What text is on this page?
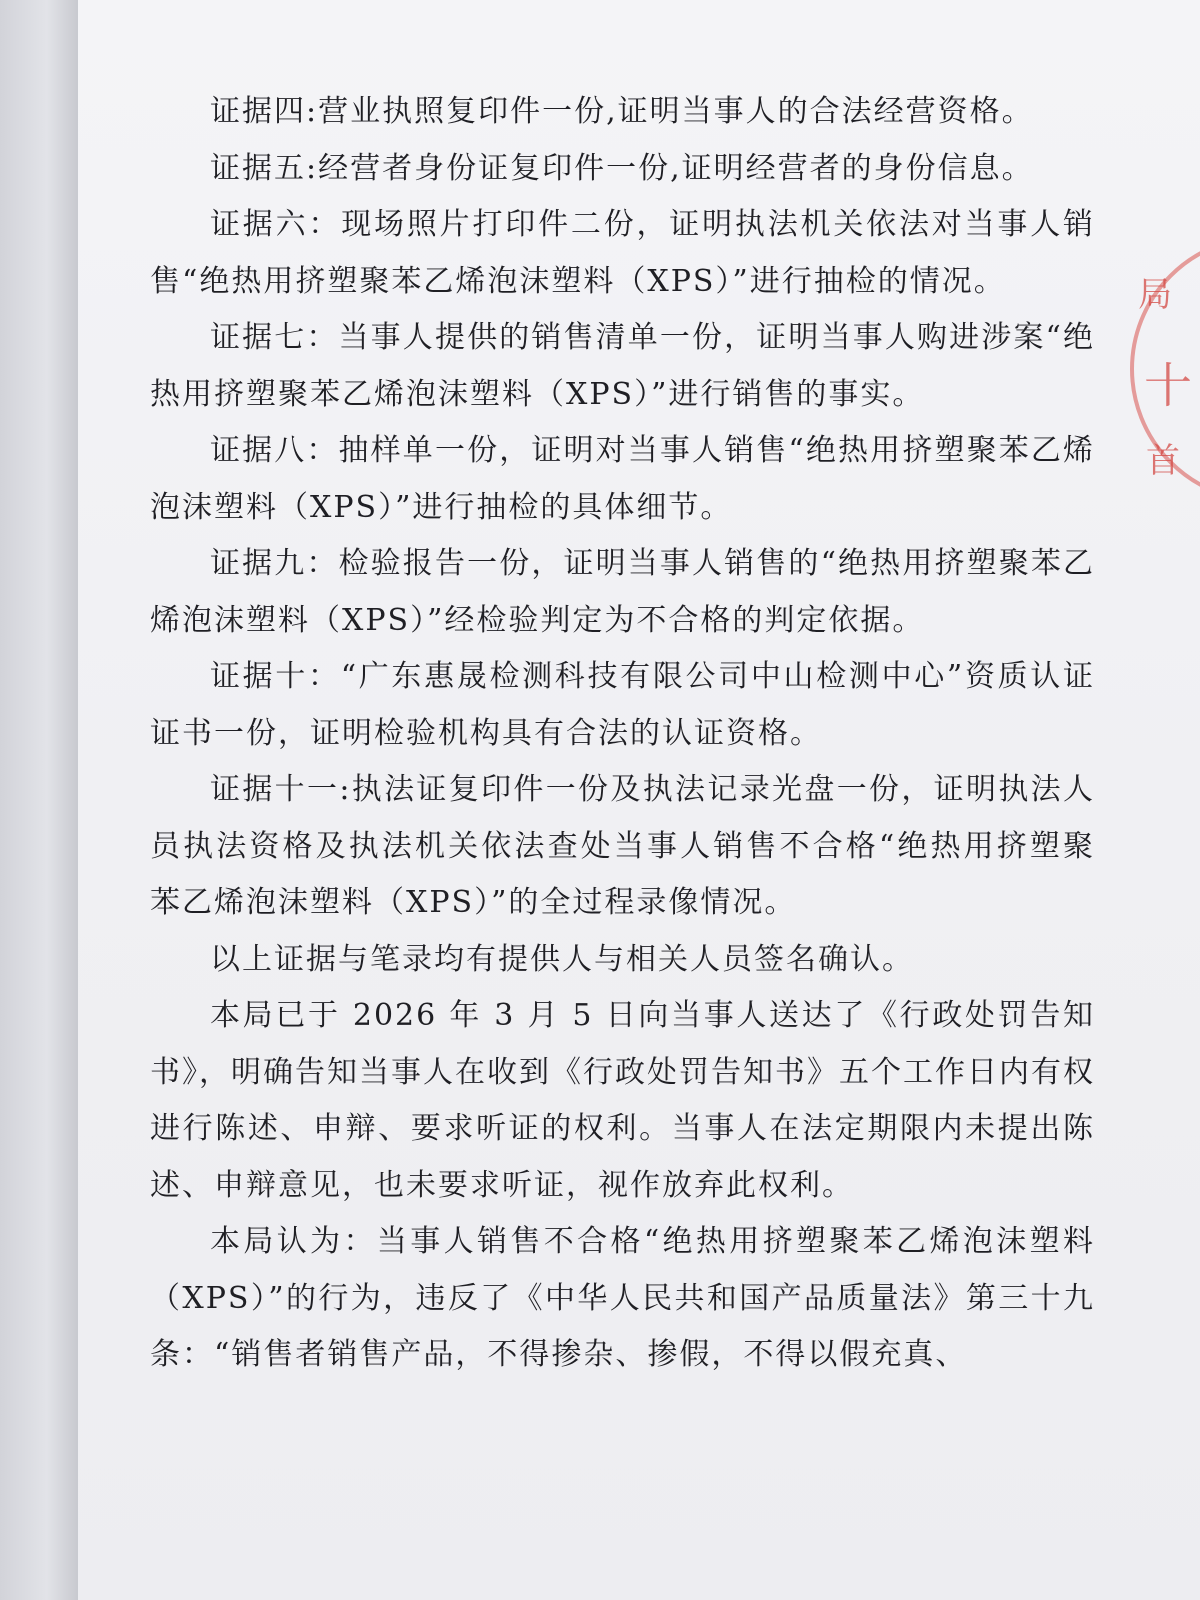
证据四:营业执照复印件一份,证明当事人的合法经营资格。

证据五:经营者身份证复印件一份,证明经营者的身份信息。

证据六：现场照片打印件二份，证明执法机关依法对当事人销售“绝热用挤塑聚苯乙烯泡沫塑料（XPS）”进行抽检的情况。

证据七：当事人提供的销售清单一份，证明当事人购进涉案“绝热用挤塑聚苯乙烯泡沫塑料（XPS）”进行销售的事实。

证据八：抽样单一份，证明对当事人销售“绝热用挤塑聚苯乙烯泡沫塑料（XPS）”进行抽检的具体细节。

证据九：检验报告一份，证明当事人销售的“绝热用挤塑聚苯乙烯泡沫塑料（XPS）”经检验判定为不合格的判定依据。

证据十：“广东惠晟检测科技有限公司中山检测中心”资质认证证书一份，证明检验机构具有合法的认证资格。

证据十一:执法证复印件一份及执法记录光盘一份，证明执法人员执法资格及执法机关依法查处当事人销售不合格“绝热用挤塑聚苯乙烯泡沫塑料（XPS）”的全过程录像情况。

以上证据与笔录均有提供人与相关人员签名确认。

本局已于 2026 年 3 月 5 日向当事人送达了《行政处罚告知书》，明确告知当事人在收到《行政处罚告知书》五个工作日内有权进行陈述、申辩、要求听证的权利。当事人在法定期限内未提出陈述、申辩意见，也未要求听证，视作放弃此权利。

本局认为：当事人销售不合格“绝热用挤塑聚苯乙烯泡沫塑料（XPS）”的行为，违反了《中华人民共和国产品质量法》第三十九条：“销售者销售产品，不得掺杂、掺假，不得以假充真、

局
十
首
